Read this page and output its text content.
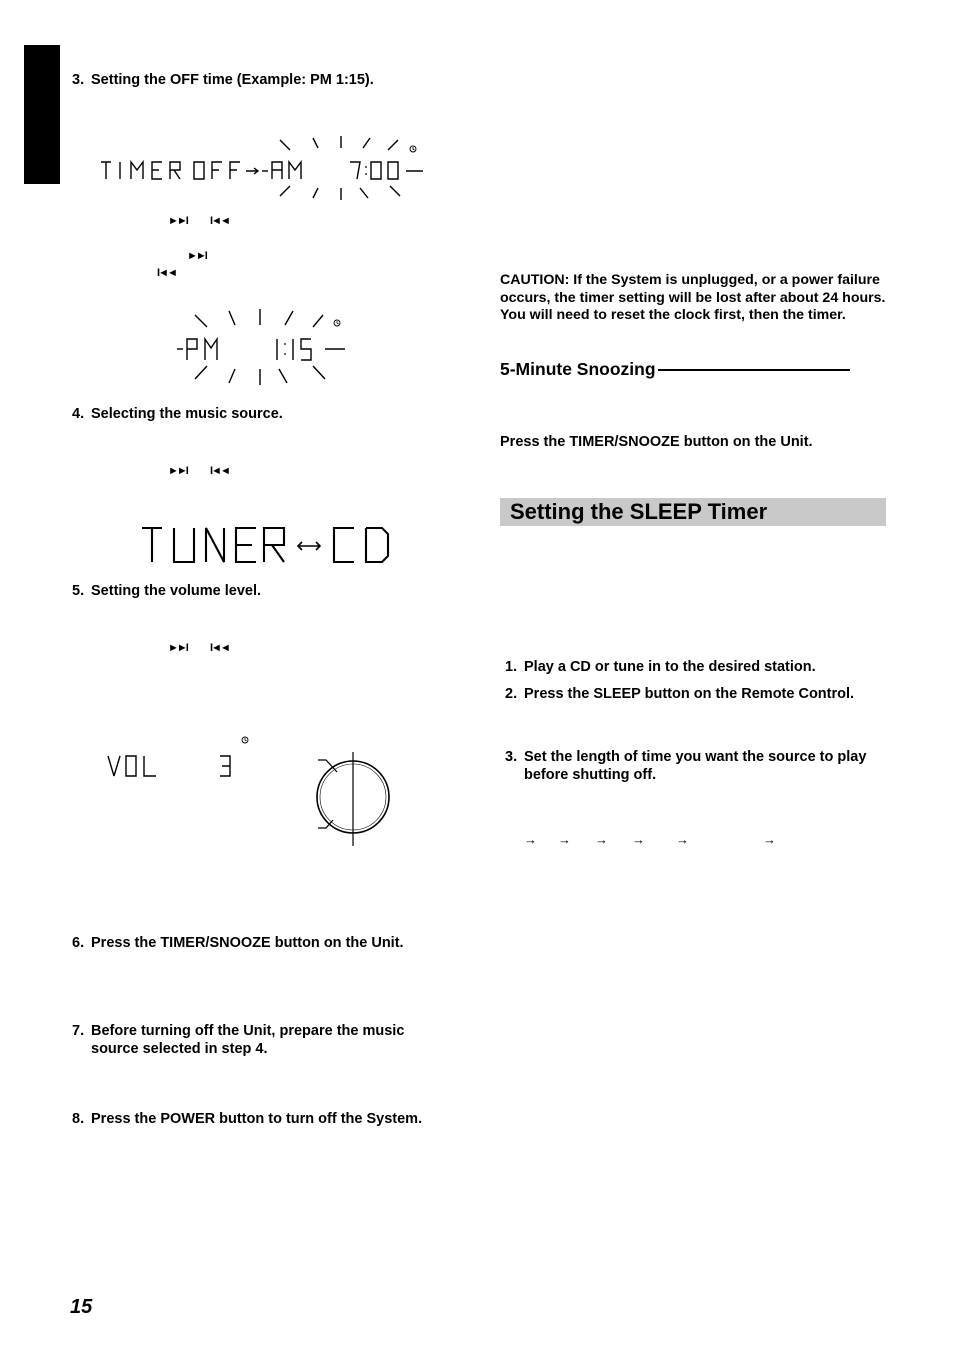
3. Setting the OFF time (Example: PM 1:15).
►►I I◄◄
►►I
I◄◄
4. Selecting the music source.
►►I I◄◄
5. Setting the volume level.
►►I I◄◄
6. Press the TIMER/SNOOZE button on the Unit.
7. Before turning off the Unit, prepare the music source selected in step 4.
8. Press the POWER button to turn off the System.
CAUTION: If the System is unplugged, or a power failure occurs, the timer setting will be lost after about 24 hours. You will need to reset the clock first, then the timer.
5-Minute Snoozing
Press the TIMER/SNOOZE button on the Unit.
Setting the SLEEP Timer
1. Play a CD or tune in to the desired station.
2. Press the SLEEP button on the Remote Control.
3. Set the length of time you want the source to play before shutting off.
→ → → → →	→
15
